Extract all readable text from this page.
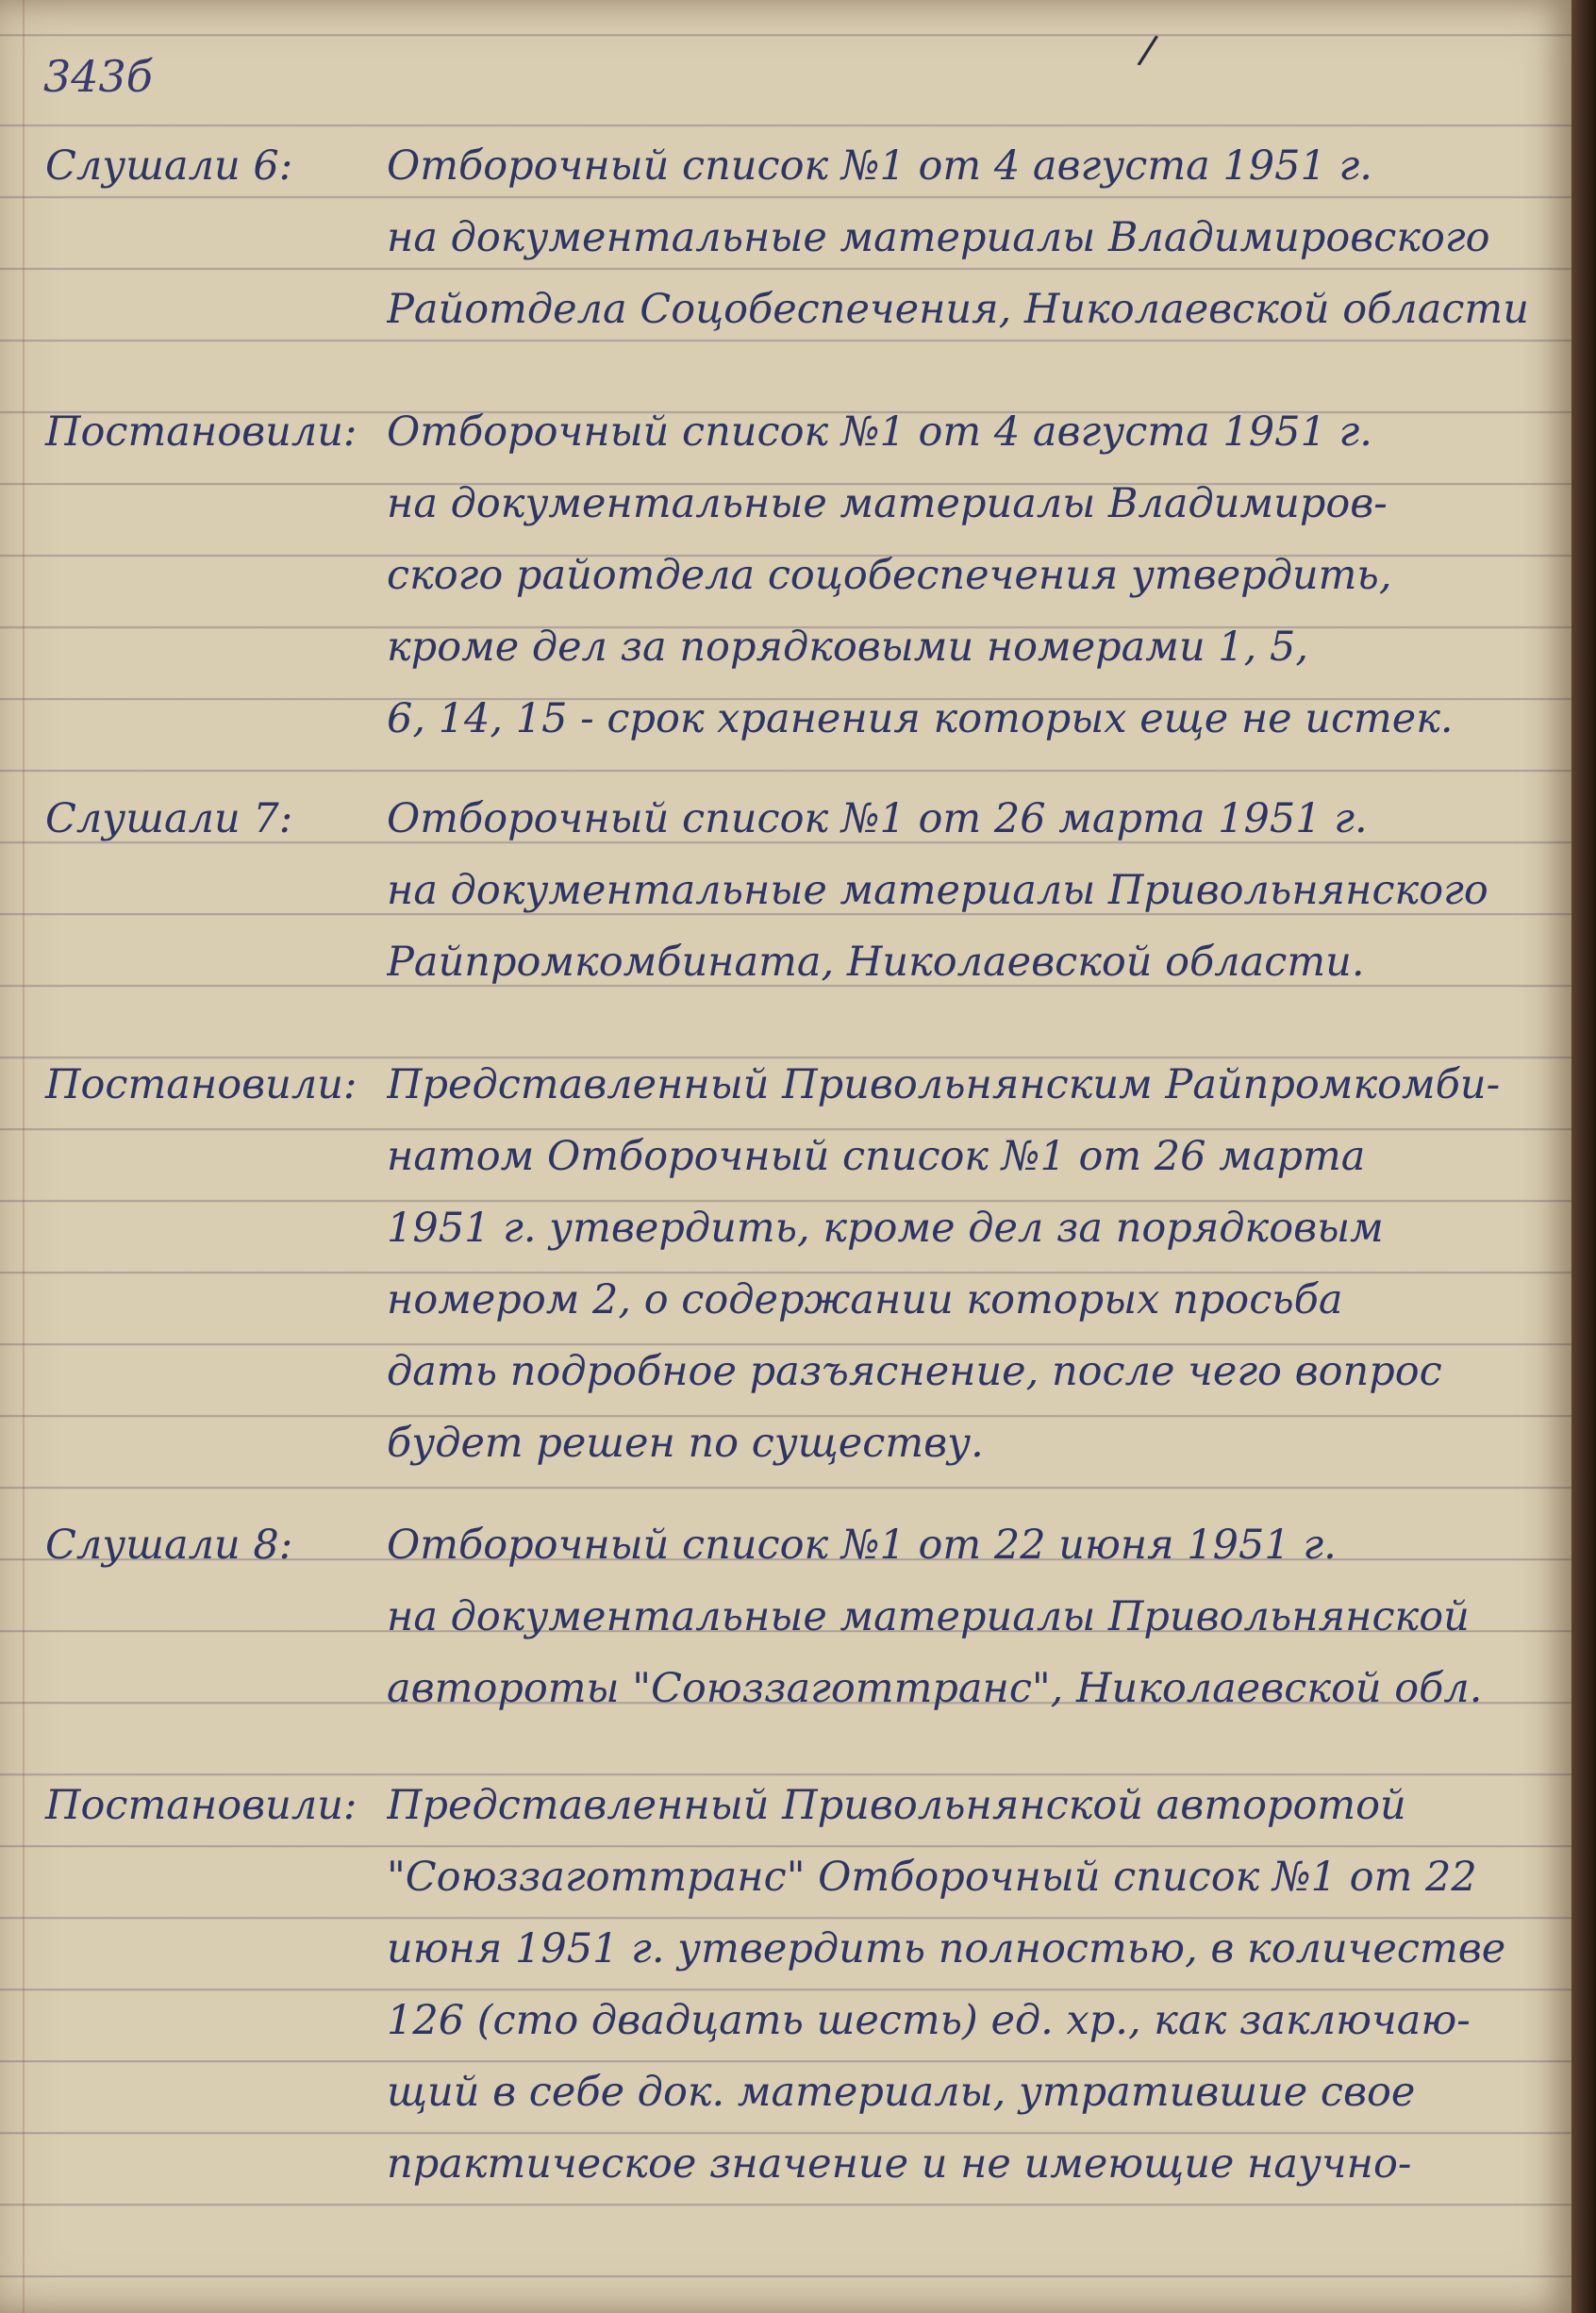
343б
/
Слушали 6:	Отборочный список №1 от 4 августа 1951 г.
на документальные материалы Владимировского
Райотдела Соцобеспечения, Николаевской области
Постановили: Отборочный список №1 от 4 августа 1951 г.
на документальные материалы Владимиров-
ского райотдела соцобеспечения утвердить,
кроме дел за порядковыми номерами 1, 5,
6, 14, 15 - срок хранения которых еще не истек.
Слушали 7:	Отборочный список №1 от 26 марта 1951 г.
на документальные материалы Привольнянского
Райпромкомбината, Николаевской области.
Постановили: Представленный Привольнянским Райпромкомби-
натом Отборочный список №1 от 26 марта
1951 г. утвердить, кроме дел за порядковым
номером 2, о содержании которых просьба
дать подробное разъяснение, после чего вопрос
будет решен по существу.
Слушали 8:	Отборочный список №1 от 22 июня 1951 г.
на документальные материалы Привольнянской
автороты "Союззаготтранс", Николаевской обл.
Постановили: Представленный Привольнянской авторотой
"Союззаготтранс" Отборочный список №1 от 22
июня 1951 г. утвердить полностью, в количестве
126 (сто двадцать шесть) ед. хр., как заключаю-
щий в себе док. материалы, утратившие свое
практическое значение и не имеющие научно-
